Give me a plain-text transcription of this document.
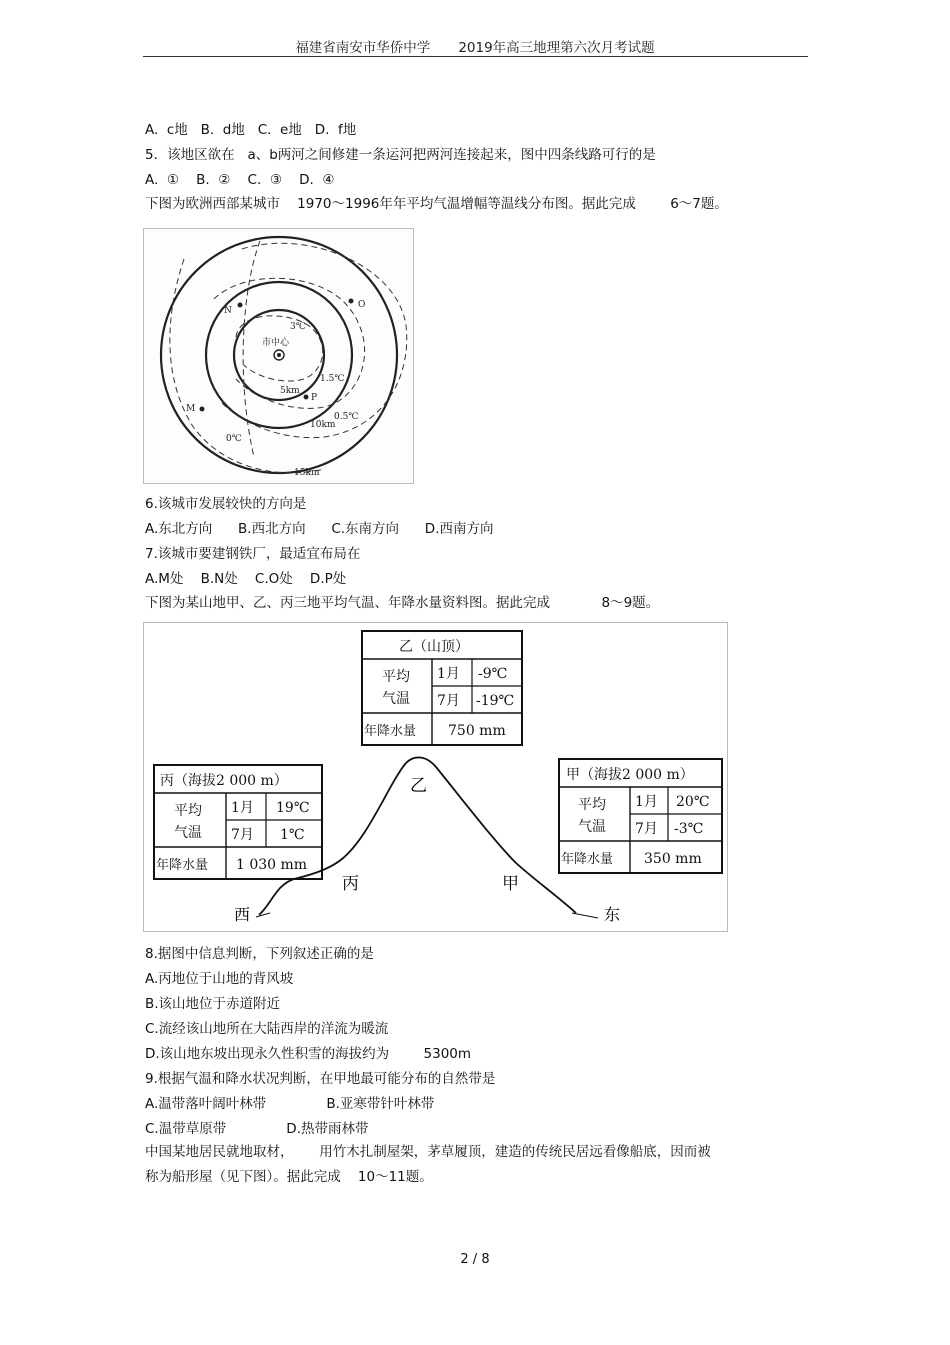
福建省南安市华侨中学 2019年高三地理第六次月考试题
A.  c地   B.  d地   C.  e地   D.  f地
5．该地区欲在   a、b两河之间修建一条运河把两河连接起来，图中四条线路可行的是
A.  ①    B.  ②    C.  ③    D.  ④
下图为欧洲西部某城市    1970～1996年年平均气温增幅等温线分布图。据此完成        6～7题。
市中心
N
O
M
P
5km
10km
15km
3℃
1.5℃
0.5℃
0℃
6.该城市发展较快的方向是
A.东北方向      B.西北方向      C.东南方向      D.西南方向
7.该城市要建钢铁厂，最适宜布局在
A.M处    B.N处    C.O处    D.P处
下图为某山地甲、乙、丙三地平均气温、年降水量资料图。据此完成            8～9题。
乙
丙	甲
西	东
乙（山顶）
平均
气温
1月 -9℃
7月 -19℃
年降水量 750 mm
丙（海拔2 000 m）
平均
气温
1月 19℃
7月 1℃
年降水量 1 030 mm
甲（海拔2 000 m）
平均
气温
1月 20℃
7月 -3℃
年降水量 350 mm
8.据图中信息判断，下列叙述正确的是
A.丙地位于山地的背风坡
B.该山地位于赤道附近
C.流经该山地所在大陆西岸的洋流为暖流
D.该山地东坡出现永久性积雪的海拔约为        5300m
9.根据气温和降水状况判断，在甲地最可能分布的自然带是
A.温带落叶阔叶林带              B.亚寒带针叶林带
C.温带草原带              D.热带雨林带
中国某地居民就地取材，      用竹木扎制屋架，茅草履顶，建造的传统民居远看像船底，因而被
称为船形屋（见下图）。据此完成    10～11题。
2 / 8
